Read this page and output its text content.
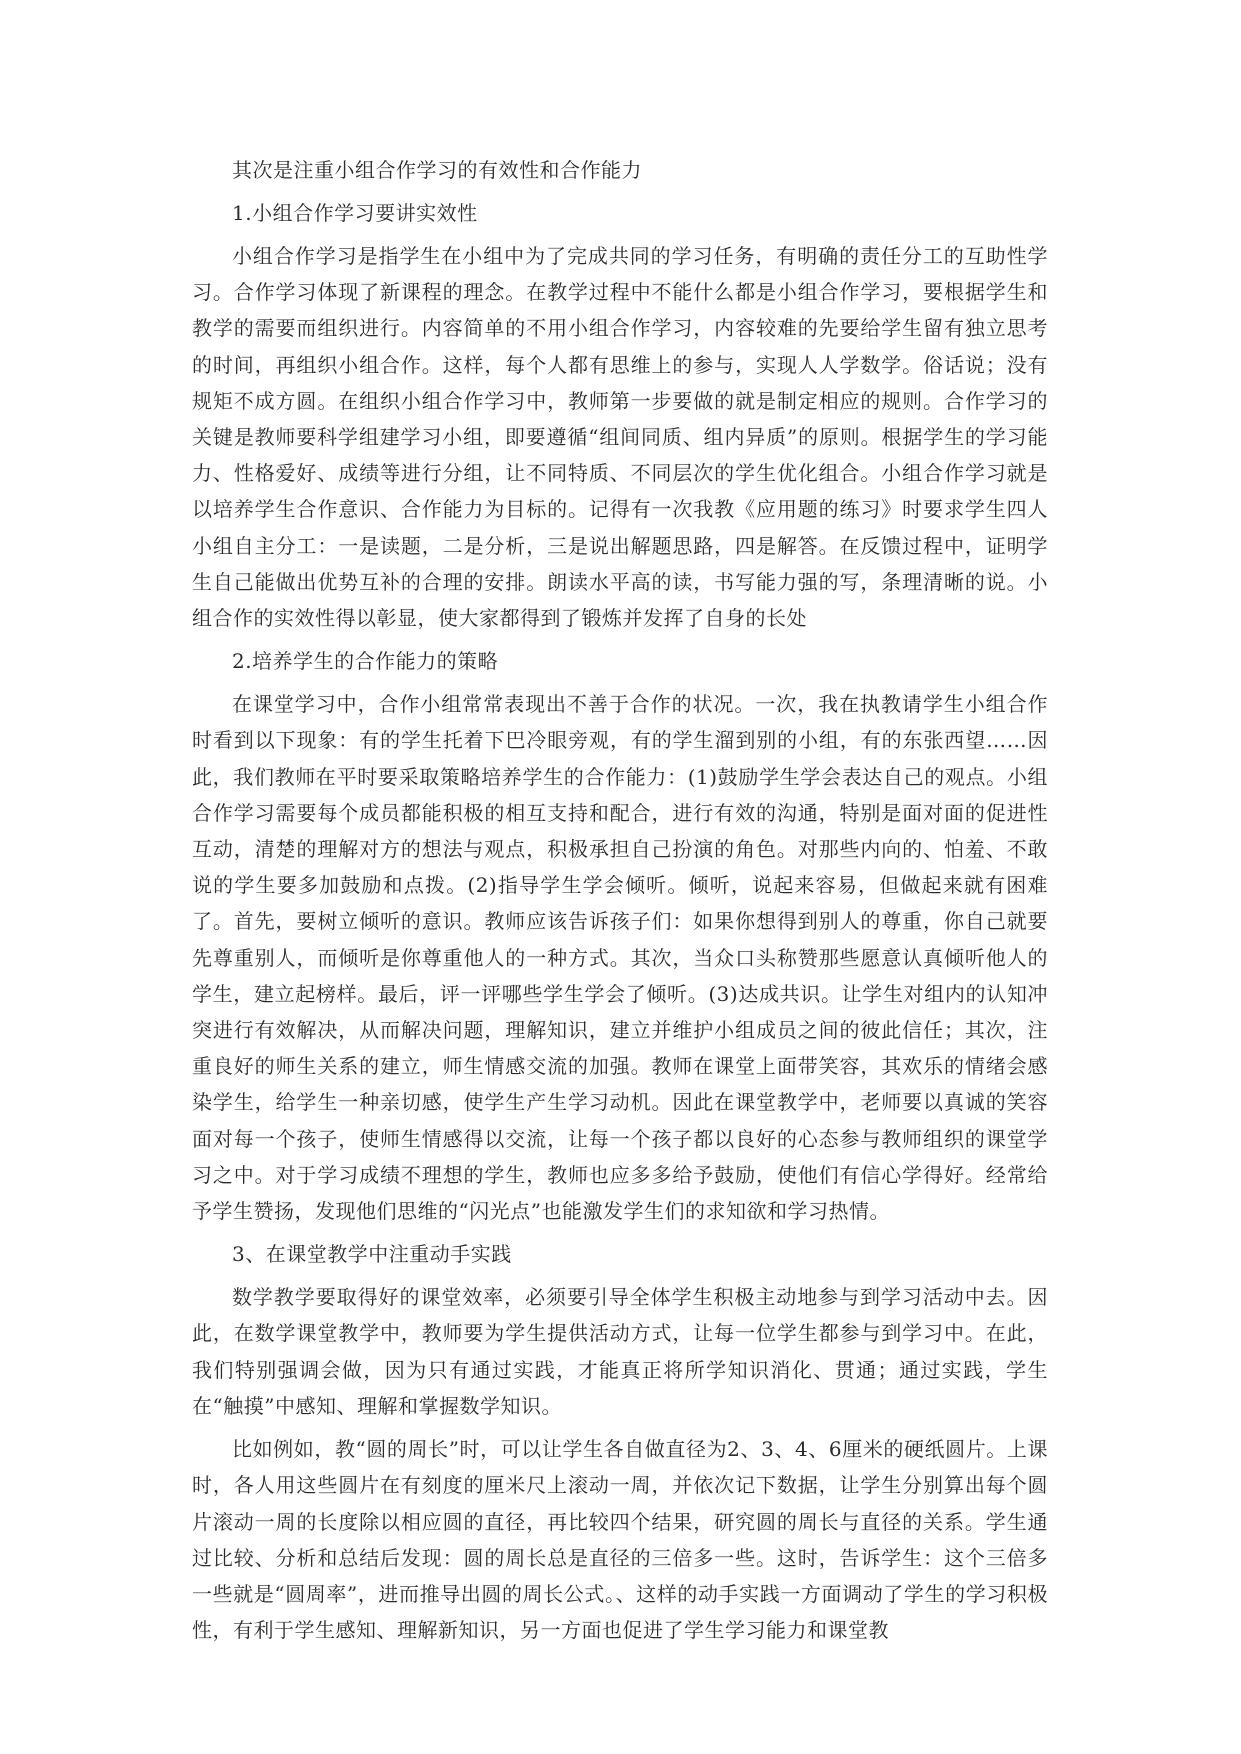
其次是注重小组合作学习的有效性和合作能力

1.小组合作学习要讲实效性

小组合作学习是指学生在小组中为了完成共同的学习任务，有明确的责任分工的互助性学习。合作学习体现了新课程的理念。在教学过程中不能什么都是小组合作学习，要根据学生和教学的需要而组织进行。内容简单的不用小组合作学习，内容较难的先要给学生留有独立思考的时间，再组织小组合作。这样，每个人都有思维上的参与，实现人人学数学。俗话说；没有规矩不成方圆。在组织小组合作学习中，教师第一步要做的就是制定相应的规则。合作学习的关键是教师要科学组建学习小组，即要遵循“组间同质、组内异质”的原则。根据学生的学习能力、性格爱好、成绩等进行分组，让不同特质、不同层次的学生优化组合。小组合作学习就是以培养学生合作意识、合作能力为目标的。记得有一次我教《应用题的练习》时要求学生四人小组自主分工：一是读题，二是分析，三是说出解题思路，四是解答。在反馈过程中，证明学生自己能做出优势互补的合理的安排。朗读水平高的读，书写能力强的写，条理清晰的说。小组合作的实效性得以彰显，使大家都得到了锻炼并发挥了自身的长处

2.培养学生的合作能力的策略

在课堂学习中，合作小组常常表现出不善于合作的状况。一次，我在执教请学生小组合作时看到以下现象：有的学生托着下巴冷眼旁观，有的学生溜到别的小组，有的东张西望……因此，我们教师在平时要采取策略培养学生的合作能力：(1)鼓励学生学会表达自己的观点。小组合作学习需要每个成员都能积极的相互支持和配合，进行有效的沟通，特别是面对面的促进性互动，清楚的理解对方的想法与观点，积极承担自己扮演的角色。对那些内向的、怕羞、不敢说的学生要多加鼓励和点拨。(2)指导学生学会倾听。倾听，说起来容易，但做起来就有困难了。首先，要树立倾听的意识。教师应该告诉孩子们：如果你想得到别人的尊重，你自己就要先尊重别人，而倾听是你尊重他人的一种方式。其次，当众口头称赞那些愿意认真倾听他人的学生，建立起榜样。最后，评一评哪些学生学会了倾听。(3)达成共识。让学生对组内的认知冲突进行有效解决，从而解决问题，理解知识，建立并维护小组成员之间的彼此信任；其次，注重良好的师生关系的建立，师生情感交流的加强。教师在课堂上面带笑容，其欢乐的情绪会感染学生，给学生一种亲切感，使学生产生学习动机。因此在课堂教学中，老师要以真诚的笑容面对每一个孩子，使师生情感得以交流，让每一个孩子都以良好的心态参与教师组织的课堂学习之中。对于学习成绩不理想的学生，教师也应多多给予鼓励，使他们有信心学得好。经常给予学生赞扬，发现他们思维的“闪光点”也能激发学生们的求知欲和学习热情。

3、在课堂教学中注重动手实践

数学教学要取得好的课堂效率，必须要引导全体学生积极主动地参与到学习活动中去。因此，在数学课堂教学中，教师要为学生提供活动方式，让每一位学生都参与到学习中。在此，我们特别强调会做，因为只有通过实践，才能真正将所学知识消化、贯通；通过实践，学生在“触摸”中感知、理解和掌握数学知识。

比如例如，教“圆的周长”时，可以让学生各自做直径为2、3、4、6厘米的硬纸圆片。上课时，各人用这些圆片在有刻度的厘米尺上滚动一周，并依次记下数据，让学生分别算出每个圆片滚动一周的长度除以相应圆的直径，再比较四个结果，研究圆的周长与直径的关系。学生通过比较、分析和总结后发现：圆的周长总是直径的三倍多一些。这时，告诉学生：这个三倍多一些就是“圆周率”，进而推导出圆的周长公式。、这样的动手实践一方面调动了学生的学习积极性，有利于学生感知、理解新知识，另一方面也促进了学生学习能力和课堂教
